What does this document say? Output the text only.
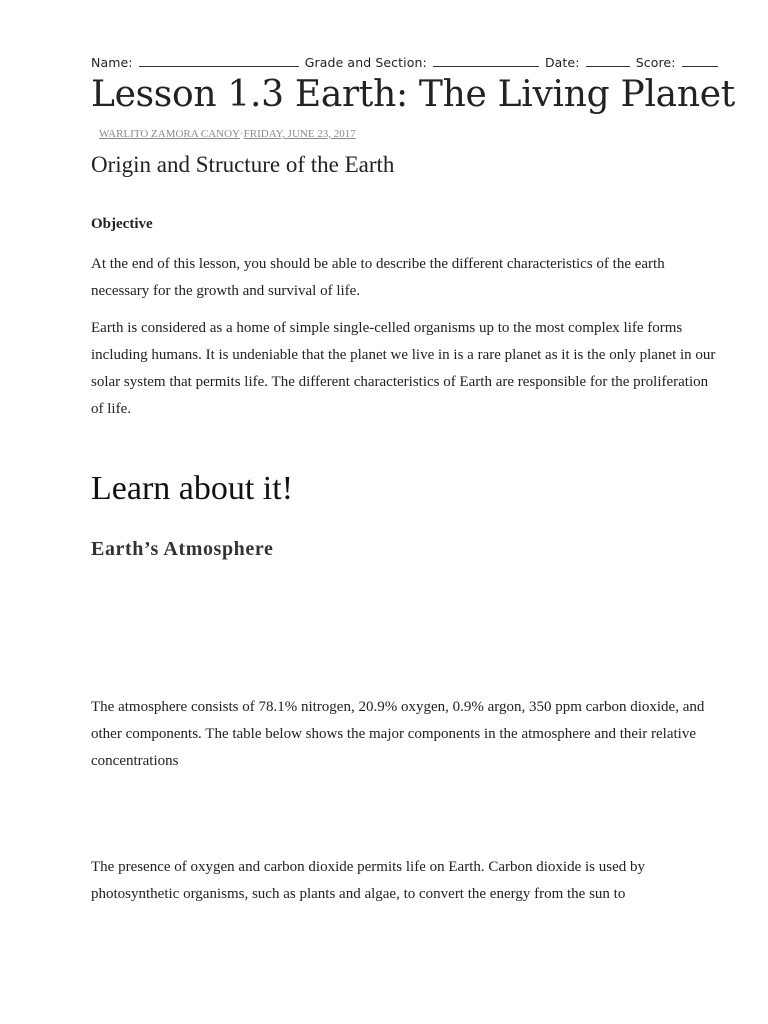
Name:	Grade and Section:	Date:	Score:
Lesson 1.3 Earth: The Living Planet
WARLITO ZAMORA CANOY·FRIDAY, JUNE 23, 2017
Origin and Structure of the Earth
Objective

At the end of this lesson, you should be able to describe the different characteristics of the earth necessary for the growth and survival of life.

Earth is considered as a home of simple single-celled organisms up to the most complex life forms including humans. It is undeniable that the planet we live in is a rare planet as it is the only planet in our solar system that permits life. The different characteristics of Earth are responsible for the proliferation of life.

Learn about it!
Earth’s Atmosphere

The atmosphere consists of 78.1% nitrogen, 20.9% oxygen, 0.9% argon, 350 ppm carbon dioxide, and other components. The table below shows the major components in the atmosphere and their relative concentrations

The presence of oxygen and carbon dioxide permits life on Earth. Carbon dioxide is used by photosynthetic organisms, such as plants and algae, to convert the energy from the sun to
